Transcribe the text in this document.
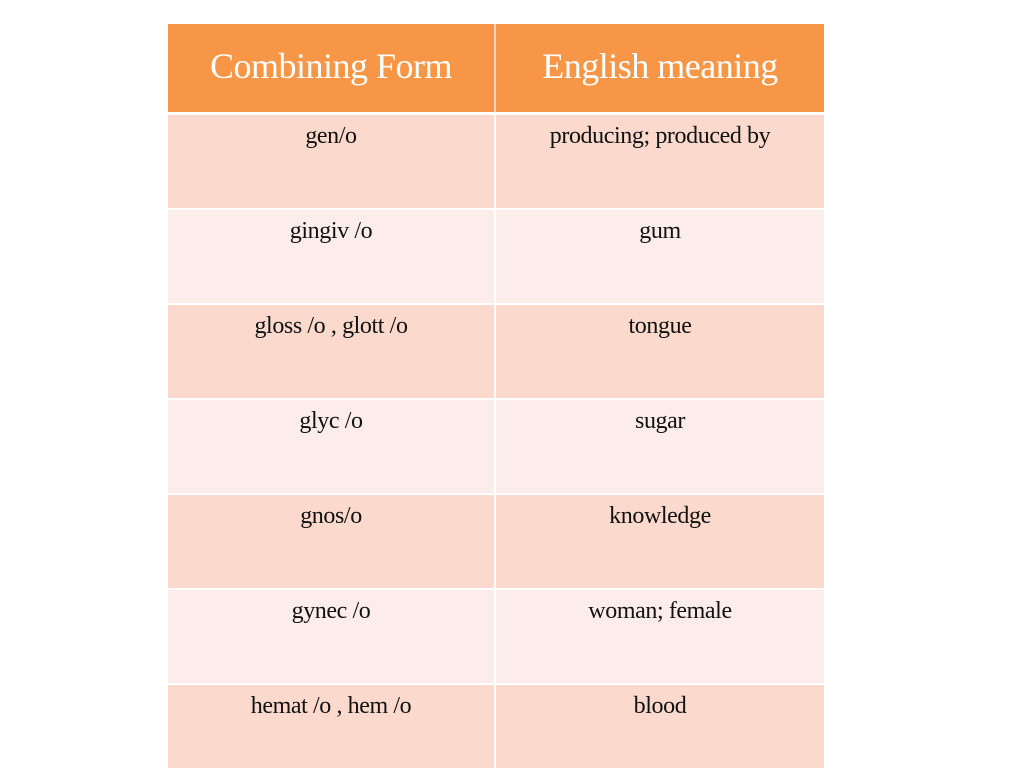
Combining Form	English meaning
gen/o	producing; produced by
gingiv /o	gum
gloss /o , glott /o	tongue
glyc /o	sugar
gnos/o	knowledge
gynec /o	woman; female
hemat /o , hem /o	blood
